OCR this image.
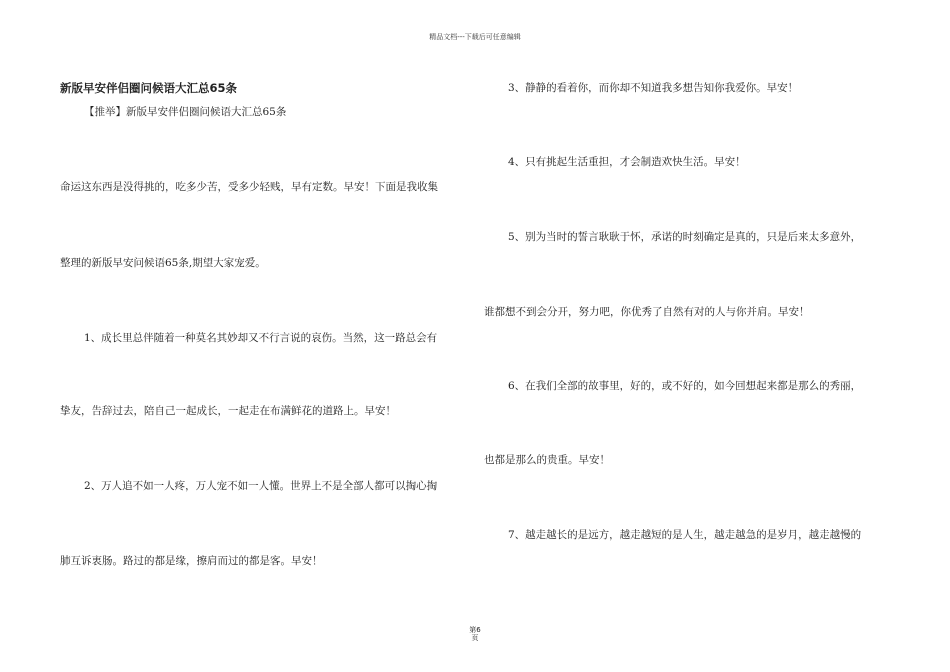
精品文档---下载后可任意编辑
新版早安伴侣圈问候语大汇总65条
【推举】新版早安伴侣圈问候语大汇总65条
命运这东西是没得挑的，吃多少苦，受多少轻贱，早有定数。早安！下面是我收集
整理的新版早安问候语65条,期望大家宠爱。
1、成长里总伴随着一种莫名其妙却又不行言说的哀伤。当然，这一路总会有
挚友，告辞过去，陪自己一起成长，一起走在布满鲜花的道路上。早安！
2、万人追不如一人疼，万人宠不如一人懂。世界上不是全部人都可以掏心掏
肺互诉衷肠。路过的都是缘，擦肩而过的都是客。早安！
3、静静的看着你，而你却不知道我多想告知你我爱你。早安！
4、只有挑起生活重担，才会制造欢快生活。早安！
5、别为当时的誓言耿耿于怀，承诺的时刻确定是真的，只是后来太多意外，
谁都想不到会分开，努力吧，你优秀了自然有对的人与你并肩。早安！
6、在我们全部的故事里，好的，或不好的，如今回想起来都是那么的秀丽，
也都是那么的贵重。早安！
7、越走越长的是远方，越走越短的是人生，越走越急的是岁月，越走越慢的
第6
页
